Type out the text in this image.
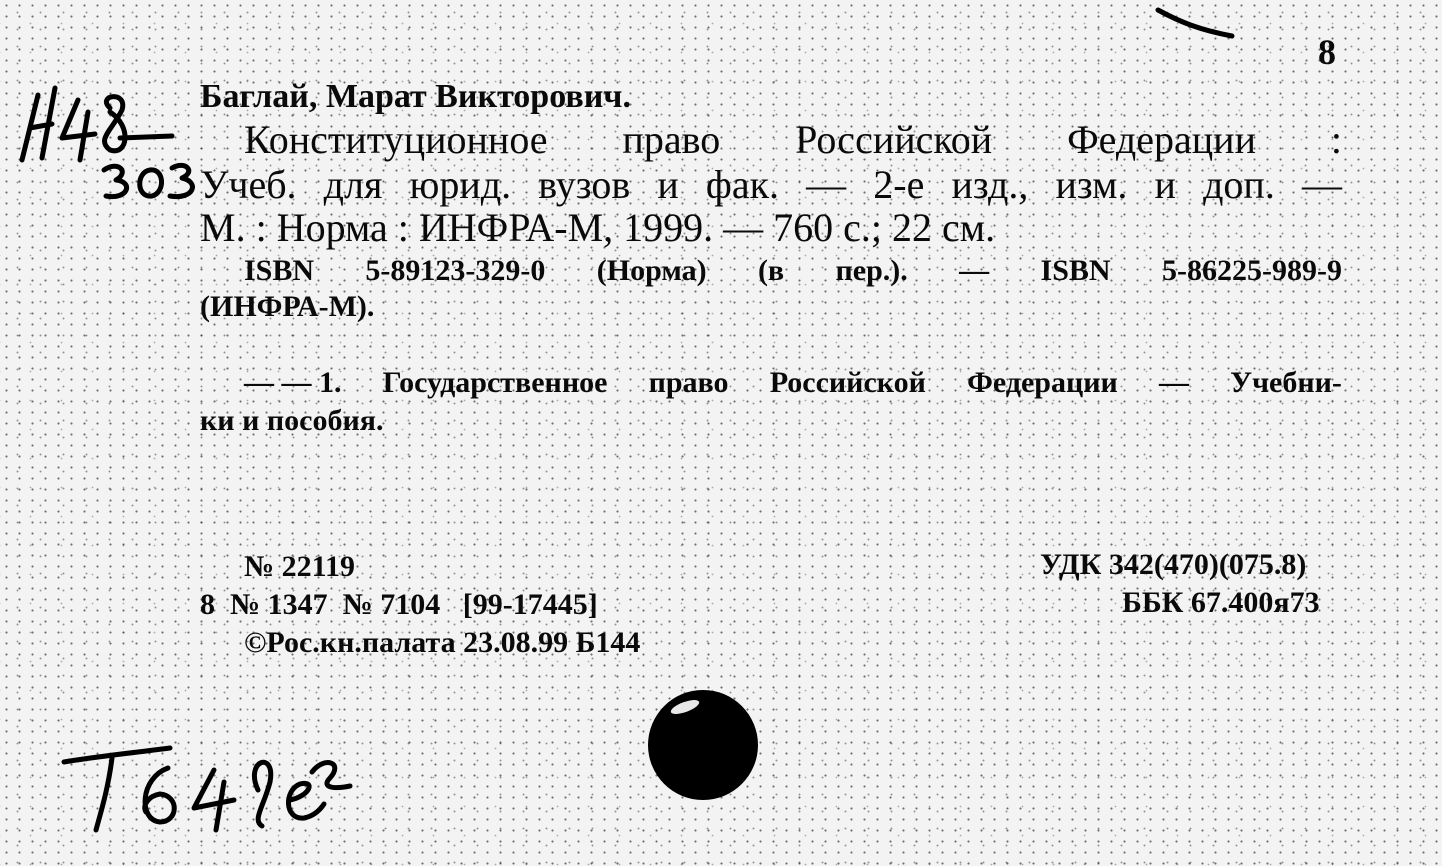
8
Баглай, Марат Викторович.
Конституционное право Российской Федерации :
Учеб. для юрид. вузов и фак. — 2-е изд., изм. и доп. —
М. : Норма : ИНФРА-М, 1999. — 760 с.; 22 см.
ISBN 5-89123-329-0 (Норма) (в пер.). — ISBN 5-86225-989-9
(ИНФРА-М).
— — 1. Государственное право Российской Федерации — Учебни-
ки и пособия.
№ 22119
8  № 1347  № 7104   [99-17445]
©Рос.кн.палата 23.08.99 Б144
УДК 342(470)(075.8)
ББК 67.400я73
